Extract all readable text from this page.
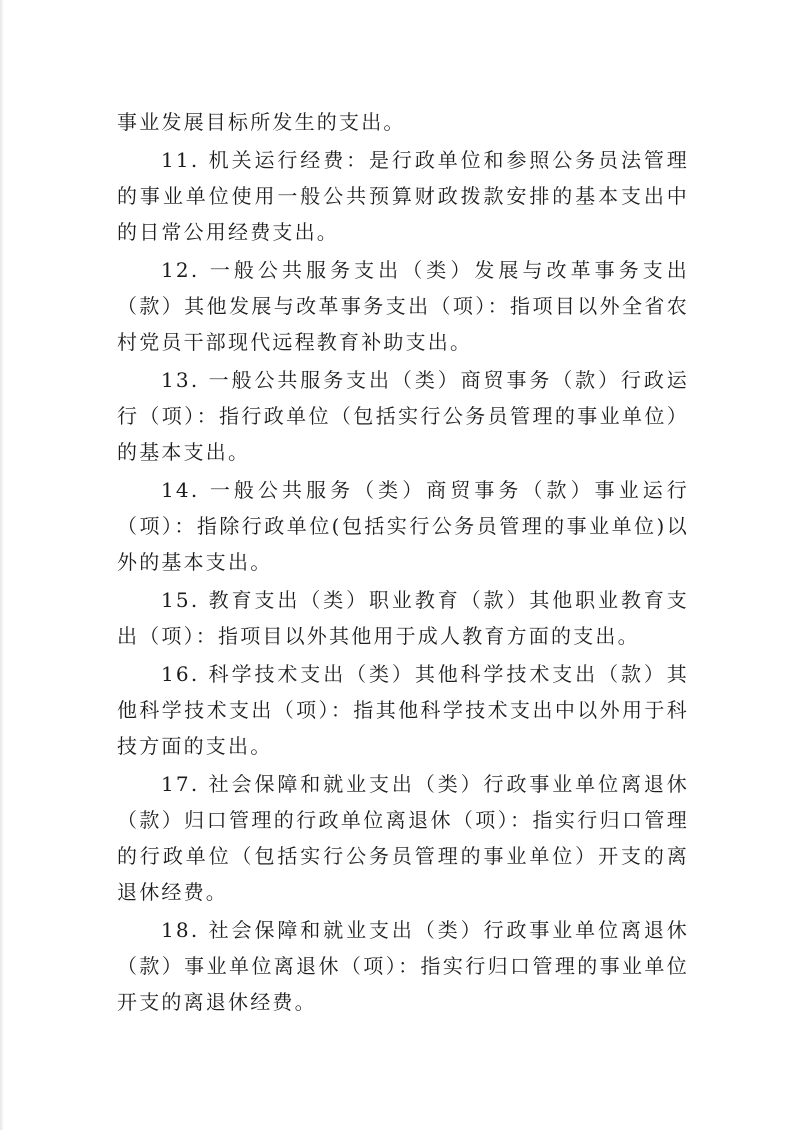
事业发展目标所发生的支出。

11. 机关运行经费：是行政单位和参照公务员法管理的事业单位使用一般公共预算财政拨款安排的基本支出中的日常公用经费支出。

12. 一般公共服务支出（类）发展与改革事务支出（款）其他发展与改革事务支出（项）：指项目以外全省农村党员干部现代远程教育补助支出。

13. 一般公共服务支出（类）商贸事务（款）行政运行（项）：指行政单位（包括实行公务员管理的事业单位）的基本支出。

14. 一般公共服务（类）商贸事务（款）事业运行（项）：指除行政单位(包括实行公务员管理的事业单位)以外的基本支出。

15. 教育支出（类）职业教育（款）其他职业教育支出（项）：指项目以外其他用于成人教育方面的支出。

16. 科学技术支出（类）其他科学技术支出（款）其他科学技术支出（项）：指其他科学技术支出中以外用于科技方面的支出。

17. 社会保障和就业支出（类）行政事业单位离退休（款）归口管理的行政单位离退休（项）：指实行归口管理的行政单位（包括实行公务员管理的事业单位）开支的离退休经费。

18. 社会保障和就业支出（类）行政事业单位离退休（款）事业单位离退休（项）：指实行归口管理的事业单位开支的离退休经费。
